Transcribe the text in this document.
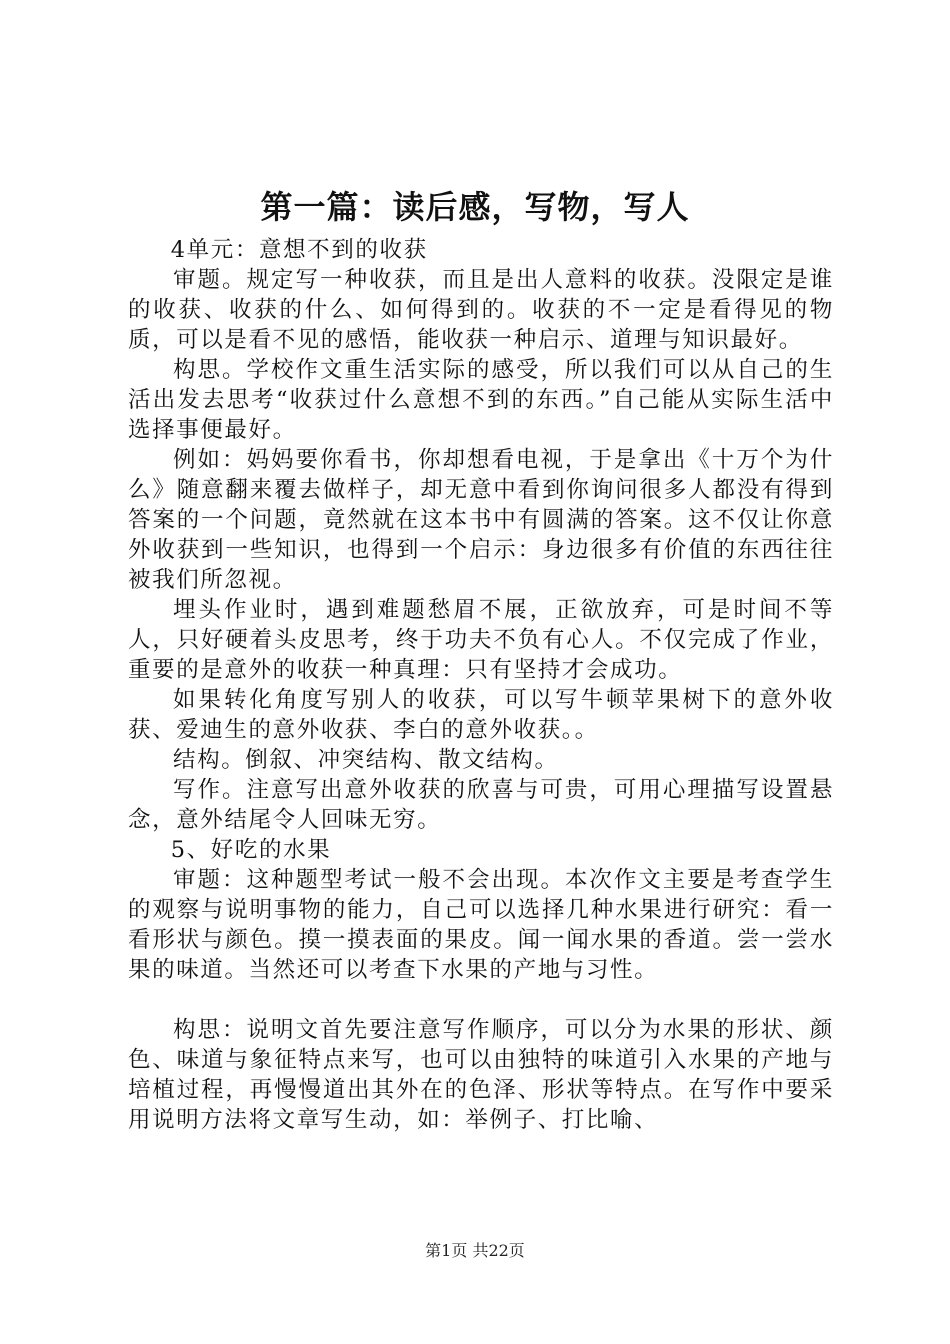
第一篇：读后感，写物，写人

4单元：意想不到的收获

审题。规定写一种收获，而且是出人意料的收获。没限定是谁的收获、收获的什么、如何得到的。收获的不一定是看得见的物质，可以是看不见的感悟，能收获一种启示、道理与知识最好。

构思。学校作文重生活实际的感受，所以我们可以从自己的生活出发去思考“收获过什么意想不到的东西。”自己能从实际生活中选择事便最好。

例如：妈妈要你看书，你却想看电视，于是拿出《十万个为什么》随意翻来覆去做样子，却无意中看到你询问很多人都没有得到答案的一个问题，竟然就在这本书中有圆满的答案。这不仅让你意外收获到一些知识，也得到一个启示：身边很多有价值的东西往往被我们所忽视。

埋头作业时，遇到难题愁眉不展，正欲放弃，可是时间不等人，只好硬着头皮思考，终于功夫不负有心人。不仅完成了作业，重要的是意外的收获一种真理：只有坚持才会成功。

如果转化角度写别人的收获，可以写牛顿苹果树下的意外收获、爱迪生的意外收获、李白的意外收获。。

结构。倒叙、冲突结构、散文结构。

写作。注意写出意外收获的欣喜与可贵，可用心理描写设置悬念，意外结尾令人回味无穷。

5、好吃的水果

审题：这种题型考试一般不会出现。本次作文主要是考查学生的观察与说明事物的能力，自己可以选择几种水果进行研究：看一看形状与颜色。摸一摸表面的果皮。闻一闻水果的香道。尝一尝水果的味道。当然还可以考查下水果的产地与习性。

构思：说明文首先要注意写作顺序，可以分为水果的形状、颜色、味道与象征特点来写，也可以由独特的味道引入水果的产地与培植过程，再慢慢道出其外在的色泽、形状等特点。在写作中要采用说明方法将文章写生动，如：举例子、打比喻、

第1页 共22页
